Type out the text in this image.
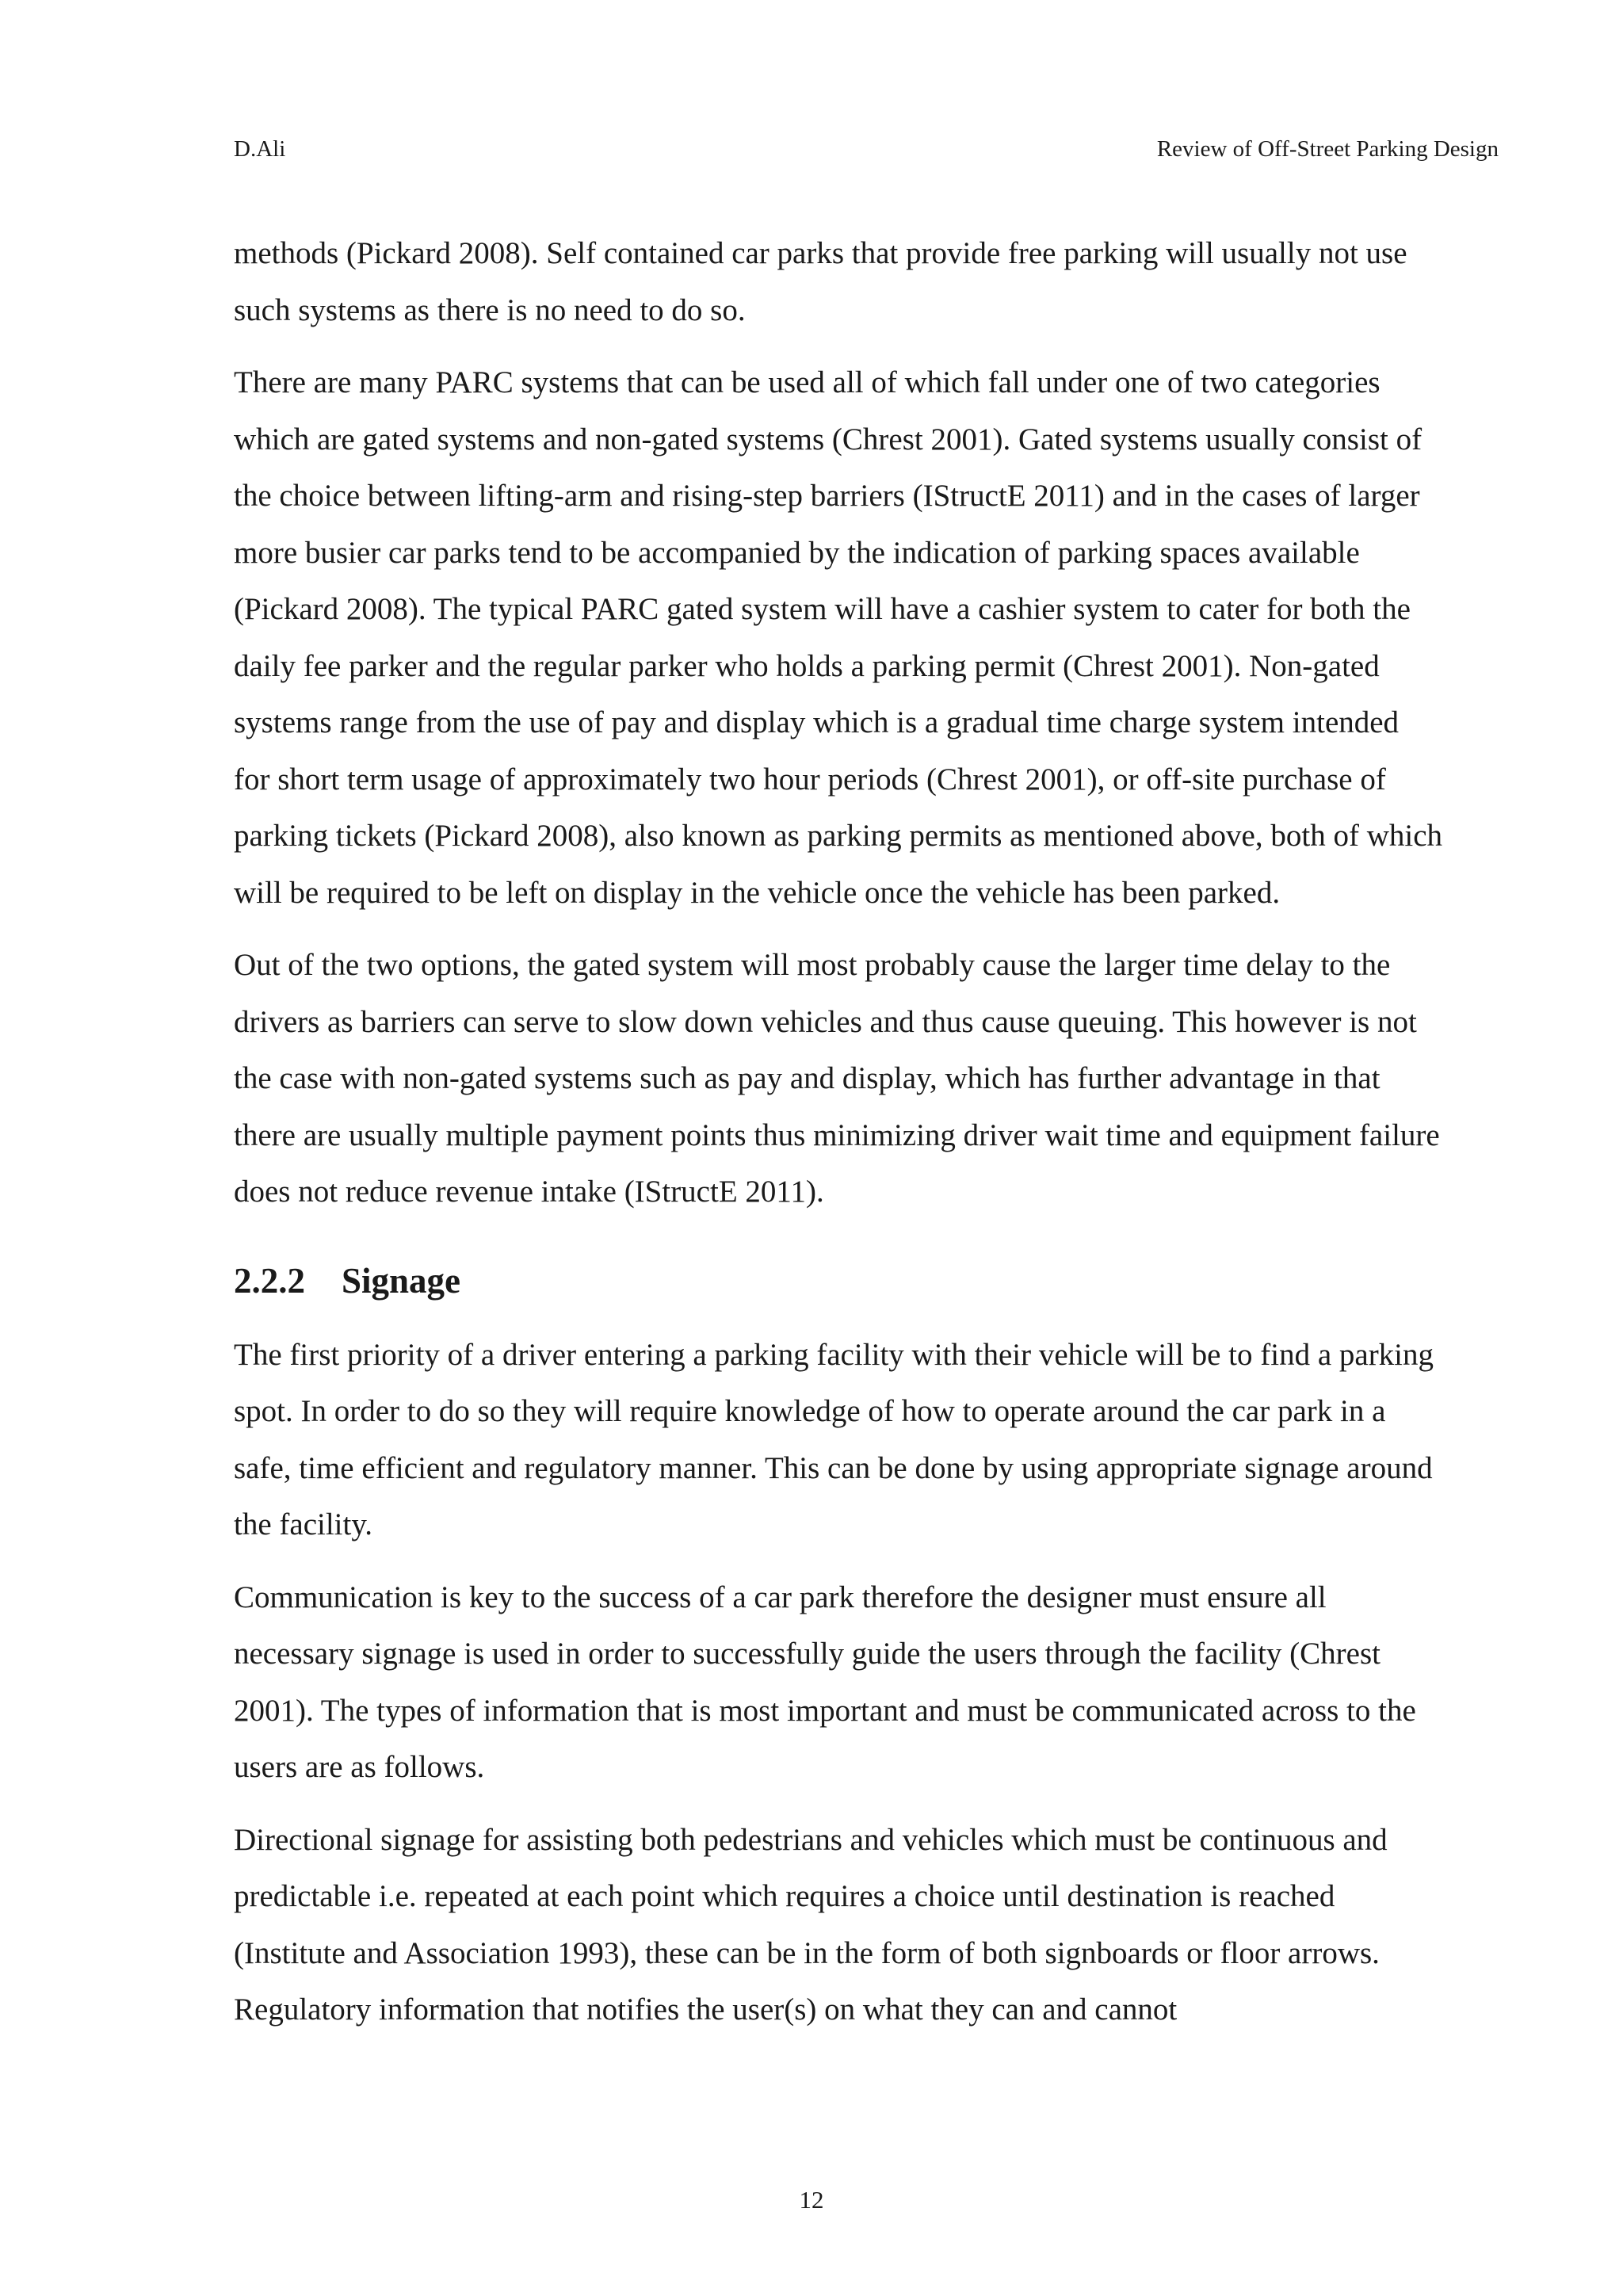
D.Ali	Review of Off-Street Parking Design

methods (Pickard 2008). Self contained car parks that provide free parking will usually not use such systems as there is no need to do so.

There are many PARC systems that can be used all of which fall under one of two categories which are gated systems and non-gated systems (Chrest 2001). Gated systems usually consist of the choice between lifting-arm and rising-step barriers (IStructE 2011) and in the cases of larger more busier car parks tend to be accompanied by the indication of parking spaces available (Pickard 2008). The typical PARC gated system will have a cashier system to cater for both the daily fee parker and the regular parker who holds a parking permit (Chrest 2001). Non-gated systems range from the use of pay and display which is a gradual time charge system intended for short term usage of approximately two hour periods (Chrest 2001), or off-site purchase of parking tickets (Pickard 2008), also known as parking permits as mentioned above, both of which will be required to be left on display in the vehicle once the vehicle has been parked.

Out of the two options, the gated system will most probably cause the larger time delay to the drivers as barriers can serve to slow down vehicles and thus cause queuing. This however is not the case with non-gated systems such as pay and display, which has further advantage in that there are usually multiple payment points thus minimizing driver wait time and equipment failure does not reduce revenue intake (IStructE 2011).

2.2.2 Signage

The first priority of a driver entering a parking facility with their vehicle will be to find a parking spot. In order to do so they will require knowledge of how to operate around the car park in a safe, time efficient and regulatory manner. This can be done by using appropriate signage around the facility.

Communication is key to the success of a car park therefore the designer must ensure all necessary signage is used in order to successfully guide the users through the facility (Chrest 2001). The types of information that is most important and must be communicated across to the users are as follows.

Directional signage for assisting both pedestrians and vehicles which must be continuous and predictable i.e. repeated at each point which requires a choice until destination is reached (Institute and Association 1993), these can be in the form of both signboards or floor arrows. Regulatory information that notifies the user(s) on what they can and cannot

12
